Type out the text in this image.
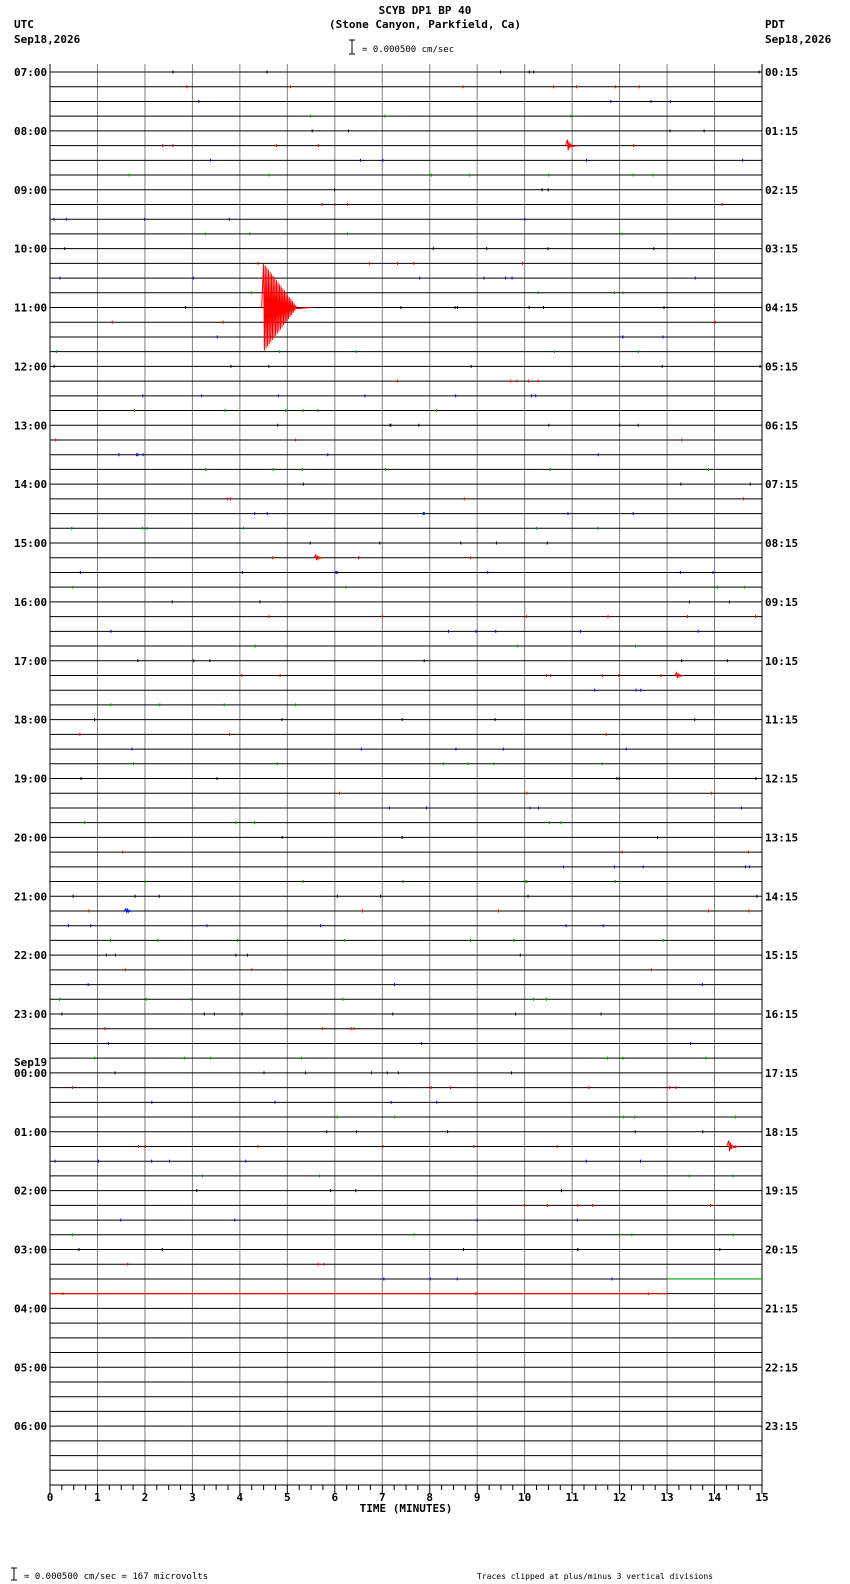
SCYB DP1 BP 40
(Stone Canyon, Parkfield, Ca)
UTC
Sep18,2026
PDT
Sep18,2026
= 0.000500 cm/sec
= 0.000500 cm/sec = 167 microvolts	Traces clipped at plus/minus 3 vertical divisions
07:00
08:00
09:00
10:00
11:00
12:00
13:00
14:00
15:00
16:00
17:00
18:00
19:00
20:00
21:00
22:00
23:00
Sep19
00:00
01:00
02:00
03:00
04:00
05:00
06:00
00:15
01:15
02:15
03:15
04:15
05:15
06:15
07:15
08:15
09:15
10:15
11:15
12:15
13:15
14:15
15:15
16:15
17:15
18:15
19:15
20:15
21:15
22:15
23:15
0	1	2	3	4	5	6	7	8	9	10	11	12	13	14	15
TIME (MINUTES)
